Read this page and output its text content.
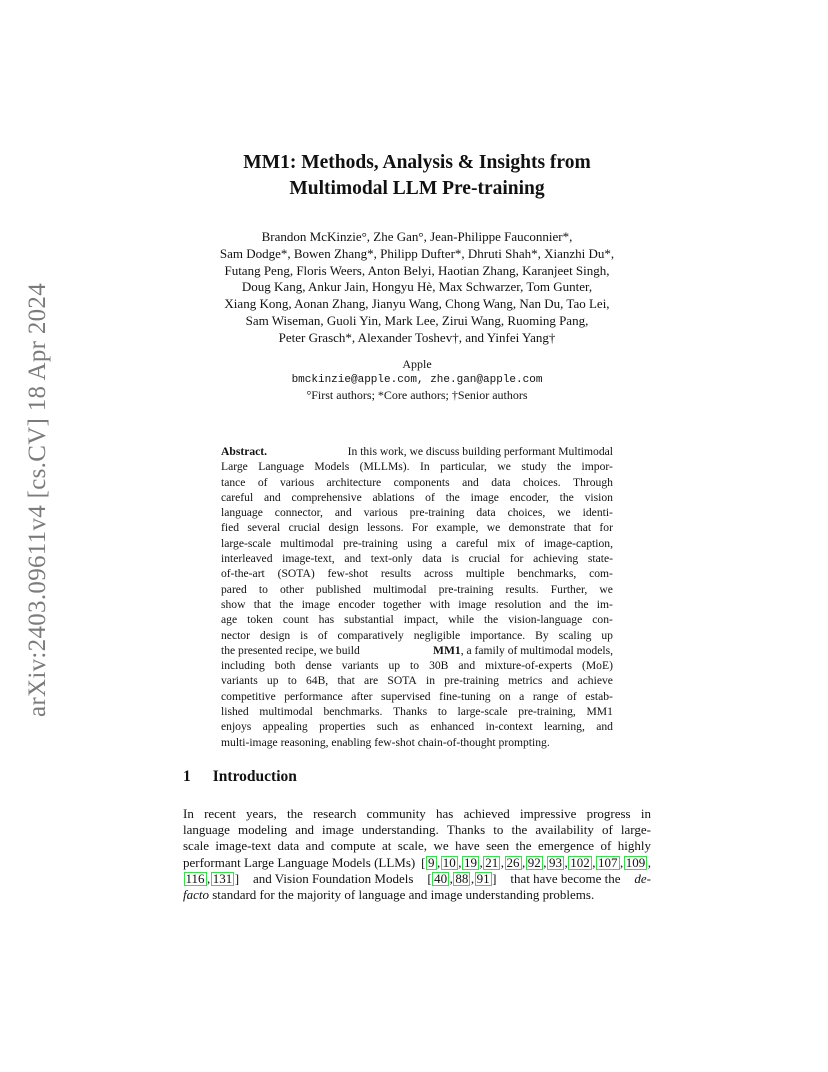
arXiv:2403.09611v4 [cs.CV] 18 Apr 2024
MM1: Methods, Analysis & Insights from
Multimodal LLM Pre-training
Brandon McKinzie°, Zhe Gan°, Jean-Philippe Fauconnier*,
Sam Dodge*, Bowen Zhang*, Philipp Dufter*, Dhruti Shah*, Xianzhi Du*,
Futang Peng, Floris Weers, Anton Belyi, Haotian Zhang, Karanjeet Singh,
Doug Kang, Ankur Jain, Hongyu Hè, Max Schwarzer, Tom Gunter,
Xiang Kong, Aonan Zhang, Jianyu Wang, Chong Wang, Nan Du, Tao Lei,
Sam Wiseman, Guoli Yin, Mark Lee, Zirui Wang, Ruoming Pang,
Peter Grasch*, Alexander Toshev†, and Yinfei Yang†
Apple
bmckinzie@apple.com, zhe.gan@apple.com
°First authors; *Core authors; †Senior authors
Abstract.	In this work, we discuss building performant Multimodal
Large Language Models (MLLMs). In particular, we study the impor-
tance of various architecture components and data choices. Through
careful and comprehensive ablations of the image encoder, the vision
language connector, and various pre-training data choices, we identi-
fied several crucial design lessons. For example, we demonstrate that for
large-scale multimodal pre-training using a careful mix of image-caption,
interleaved image-text, and text-only data is crucial for achieving state-
of-the-art (SOTA) few-shot results across multiple benchmarks, com-
pared to other published multimodal pre-training results. Further, we
show that the image encoder together with image resolution and the im-
age token count has substantial impact, while the vision-language con-
nector design is of comparatively negligible importance. By scaling up
the presented recipe, we build	MM1, a family of multimodal models,
including both dense variants up to 30B and mixture-of-experts (MoE)
variants up to 64B, that are SOTA in pre-training metrics and achieve
competitive performance after supervised fine-tuning on a range of estab-
lished multimodal benchmarks. Thanks to large-scale pre-training, MM1
enjoys appealing properties such as enhanced in-context learning, and
multi-image reasoning, enabling few-shot chain-of-thought prompting.
1 Introduction
In recent years, the research community has achieved impressive progress in
language modeling and image understanding. Thanks to the availability of large-
scale image-text data and compute at scale, we have seen the emergence of highly
performant Large Language Models (LLMs) [ 9 , 10 , 19 , 21 , 26 , 92 , 93 , 102 , 107 , 109 ,
116 , 131 ] and Vision Foundation Models [ 40 , 88 , 91 ] that have become the de-
facto
standard for the majority of language and image understanding problems.
